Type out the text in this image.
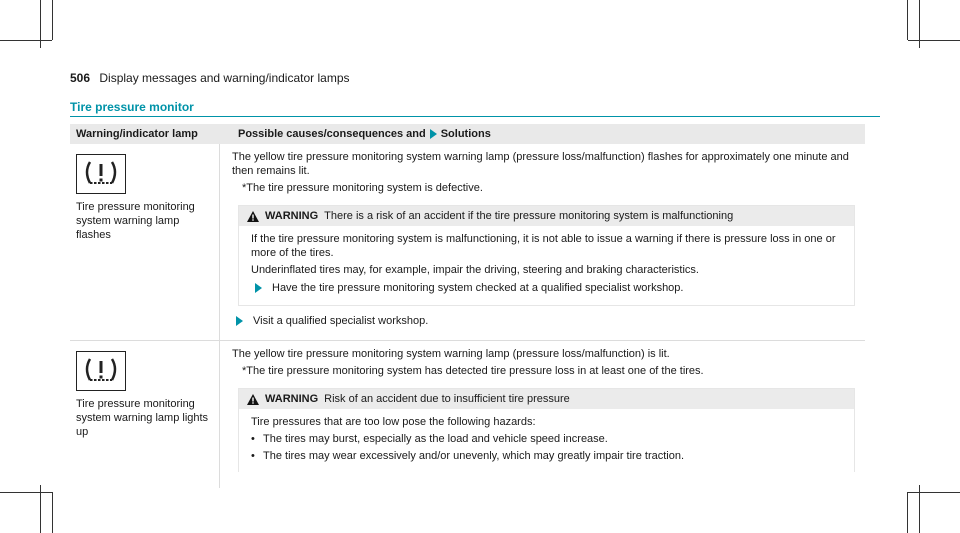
506 Display messages and warning/indicator lamps
Tire pressure monitor
Warning/indicator lamp	Possible causes/consequences and Solutions
Tire pressure monitoring system warning lamp flashes

The yellow tire pressure monitoring system warning lamp (pressure loss/malfunction) flashes for approximately one minute and then remains lit.

*The tire pressure monitoring system is defective.

WARNING There is a risk of an accident if the tire pressure monitoring system is malfunctioning

If the tire pressure monitoring system is malfunctioning, it is not able to issue a warning if there is pressure loss in one or more of the tires.

Underinflated tires may, for example, impair the driving, steering and braking characteristics.

Have the tire pressure monitoring system checked at a qualified specialist workshop.
Visit a qualified specialist workshop.
Tire pressure monitoring system warning lamp lights up

The yellow tire pressure monitoring system warning lamp (pressure loss/malfunction) is lit.

*The tire pressure monitoring system has detected tire pressure loss in at least one of the tires.

WARNING Risk of an accident due to insufficient tire pressure

Tire pressures that are too low pose the following hazards:

• The tires may burst, especially as the load and vehicle speed increase.
• The tires may wear excessively and/or unevenly, which may greatly impair tire traction.
